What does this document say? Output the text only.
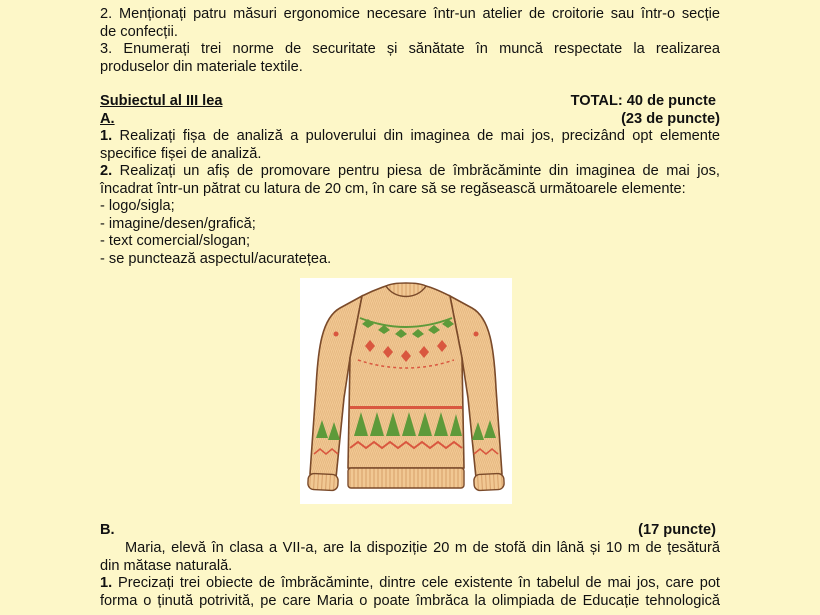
2. Menționați patru măsuri ergonomice necesare într-un atelier de croitorie sau într-o secție
de confecții.
3. Enumerați trei norme de securitate și sănătate în muncă respectate la realizarea
produselor din materiale textile.
Subiectul al III lea	TOTAL: 40 de puncte
A.	(23 de puncte)
1. Realizați fișa de analiză a puloverului din imaginea de mai jos, precizând opt elemente
specifice fișei de analiză.
2. Realizați un afiș de promovare pentru piesa de îmbrăcăminte din imaginea de mai jos,
încadrat într-un pătrat cu latura de 20 cm, în care să se regăsească următoarele elemente:
- logo/sigla;
- imagine/desen/grafică;
- text comercial/slogan;
- se punctează aspectul/acuratețea.
B.	(17 puncte)
Maria, elevă în clasa a VII-a, are la dispoziție 20 m de stofă din lână și 10 m de țesătură
din mătase naturală.
1. Precizați trei obiecte de îmbrăcăminte, dintre cele existente în tabelul de mai jos, care pot
forma o ținută potrivită, pe care Maria o poate îmbrăca la olimpiada de Educație tehnologică
